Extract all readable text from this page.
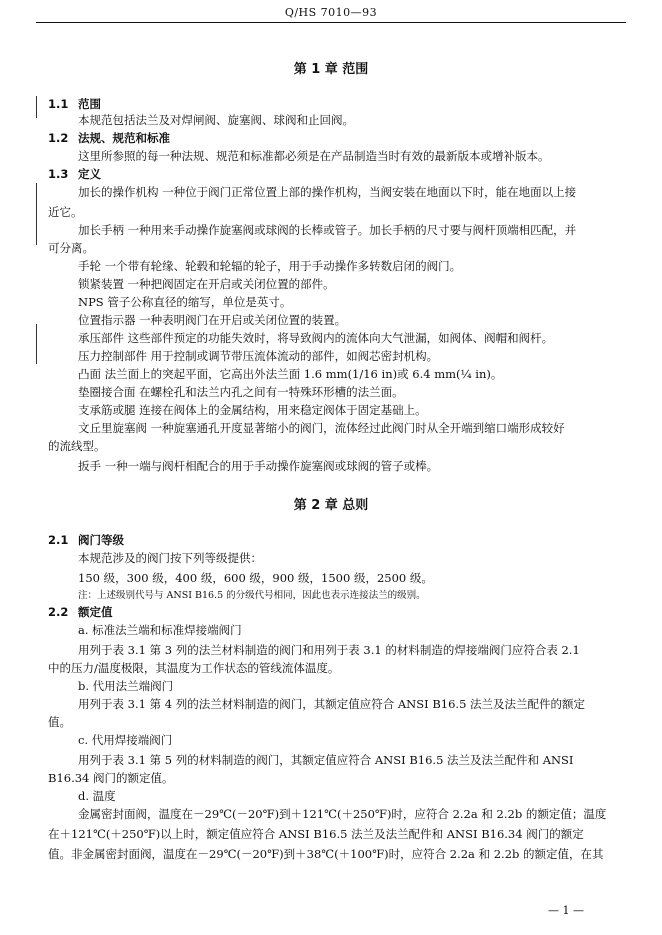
Q/HS 7010—93
第 1 章 范围
1.1 范围
本规范包括法兰及对焊闸阀、旋塞阀、球阀和止回阀。
1.2 法规、规范和标准
这里所参照的每一种法规、规范和标准都必须是在产品制造当时有效的最新版本或增补版本。
1.3 定义
加长的操作机构 一种位于阀门正常位置上部的操作机构，当阀安装在地面以下时，能在地面以上接
近它。
加长手柄 一种用来手动操作旋塞阀或球阀的长棒或管子。加长手柄的尺寸要与阀杆顶端相匹配，并
可分离。
手轮 一个带有轮缘、轮毂和轮辐的轮子，用于手动操作多转数启闭的阀门。
锁紧装置 一种把阀固定在开启或关闭位置的部件。
NPS 管子公称直径的缩写，单位是英寸。
位置指示器 一种表明阀门在开启或关闭位置的装置。
承压部件 这些部件预定的功能失效时，将导致阀内的流体向大气泄漏，如阀体、阀帽和阀杆。
压力控制部件 用于控制或调节带压流体流动的部件，如阀芯密封机构。
凸面 法兰面上的突起平面，它高出外法兰面 1.6 mm(1/16 in)或 6.4 mm(¼ in)。
垫圈接合面 在螺栓孔和法兰内孔之间有一特殊环形槽的法兰面。
支承筋或腿 连接在阀体上的金属结构，用来稳定阀体于固定基础上。
文丘里旋塞阀 一种旋塞通孔开度显著缩小的阀门，流体经过此阀门时从全开端到缩口端形成较好
的流线型。
扳手 一种一端与阀杆相配合的用于手动操作旋塞阀或球阀的管子或棒。
第 2 章 总则
2.1 阀门等级
本规范涉及的阀门按下列等级提供：
150 级，300 级，400 级，600 级，900 级，1500 级，2500 级。
注：上述级别代号与 ANSI B16.5 的分级代号相同，因此也表示连接法兰的级别。
2.2 额定值
a. 标准法兰端和标准焊接端阀门
用列于表 3.1 第 3 列的法兰材料制造的阀门和用列于表 3.1 的材料制造的焊接端阀门应符合表 2.1
中的压力/温度极限，其温度为工作状态的管线流体温度。
b. 代用法兰端阀门
用列于表 3.1 第 4 列的法兰材料制造的阀门，其额定值应符合 ANSI B16.5 法兰及法兰配件的额定
值。
c. 代用焊接端阀门
用列于表 3.1 第 5 列的材料制造的阀门，其额定值应符合 ANSI B16.5 法兰及法兰配件和 ANSI
B16.34 阀门的额定值。
d. 温度
金属密封面阀，温度在－29℃(－20℉)到＋121℃(＋250℉)时，应符合 2.2a 和 2.2b 的额定值；温度
在＋121℃(＋250℉)以上时，额定值应符合 ANSI B16.5 法兰及法兰配件和 ANSI B16.34 阀门的额定
值。非金属密封面阀，温度在－29℃(－20℉)到＋38℃(＋100℉)时，应符合 2.2a 和 2.2b 的额定值，在其
— 1 —
